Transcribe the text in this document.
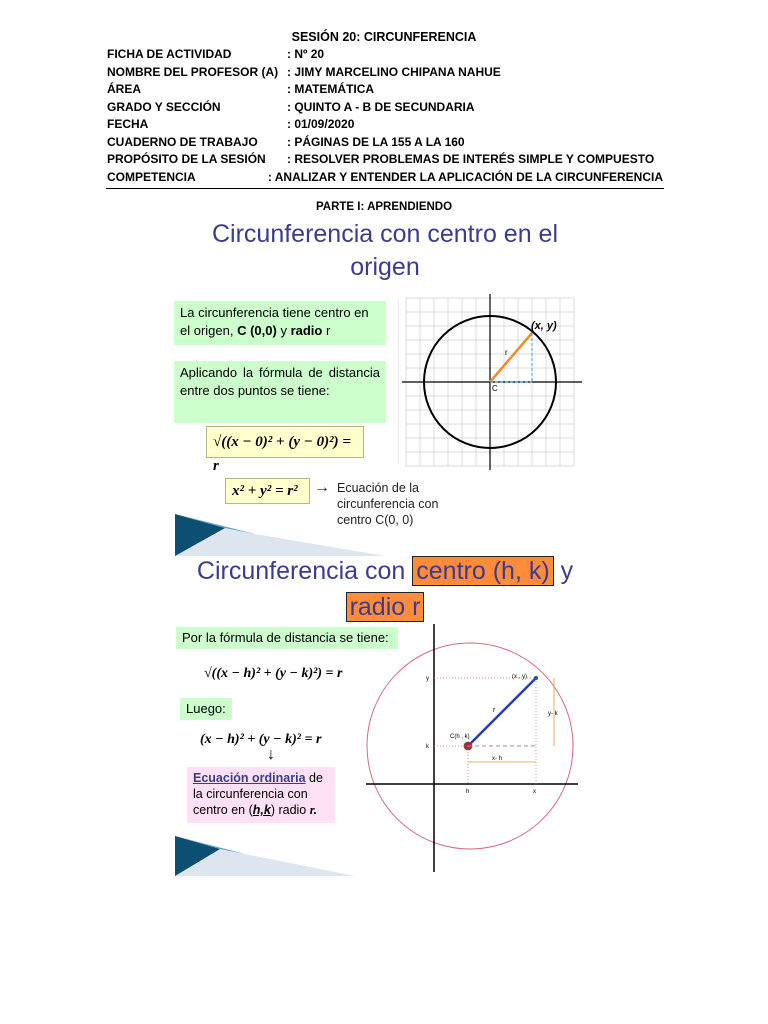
SESIÓN 20: CIRCUNFERENCIA
FICHA DE ACTIVIDAD	: Nº 20
NOMBRE DEL PROFESOR (A) : JIMY MARCELINO CHIPANA NAHUE
ÁREA	: MATEMÁTICA
GRADO Y SECCIÓN	: QUINTO A - B DE SECUNDARIA
FECHA	: 01/09/2020
CUADERNO DE TRABAJO	: PÁGINAS DE LA 155 A LA 160
PROPÓSITO DE LA SESIÓN	: RESOLVER PROBLEMAS DE INTERÉS SIMPLE Y COMPUESTO
COMPETENCIA	: ANALIZAR Y ENTENDER LA APLICACIÓN DE LA CIRCUNFERENCIA
PARTE I: APRENDIENDO
Circunferencia con centro en el
origen
La circunferencia tiene centro en el origen, C (0,0) y radio r
Aplicando la fórmula de distancia entre dos puntos se tiene:
√((x − 0)² + (y − 0)²) = r
x² + y² = r²	→ Ecuación de la
circunferencia con
centro C(0, 0)
(x, y)
r
C
Circunferencia con centro (h, k) y
radio r
Por la fórmula de distancia se tiene:
√((x − h)² + (y − k)²) = r
Luego:
(x − h)² + (y − k)² = r
↓
Ecuación ordinaria de la circunferencia con centro en (h,k) radio r.
(x , y)
C(h , k)
r
x- h
y- k
y
k
h	x
